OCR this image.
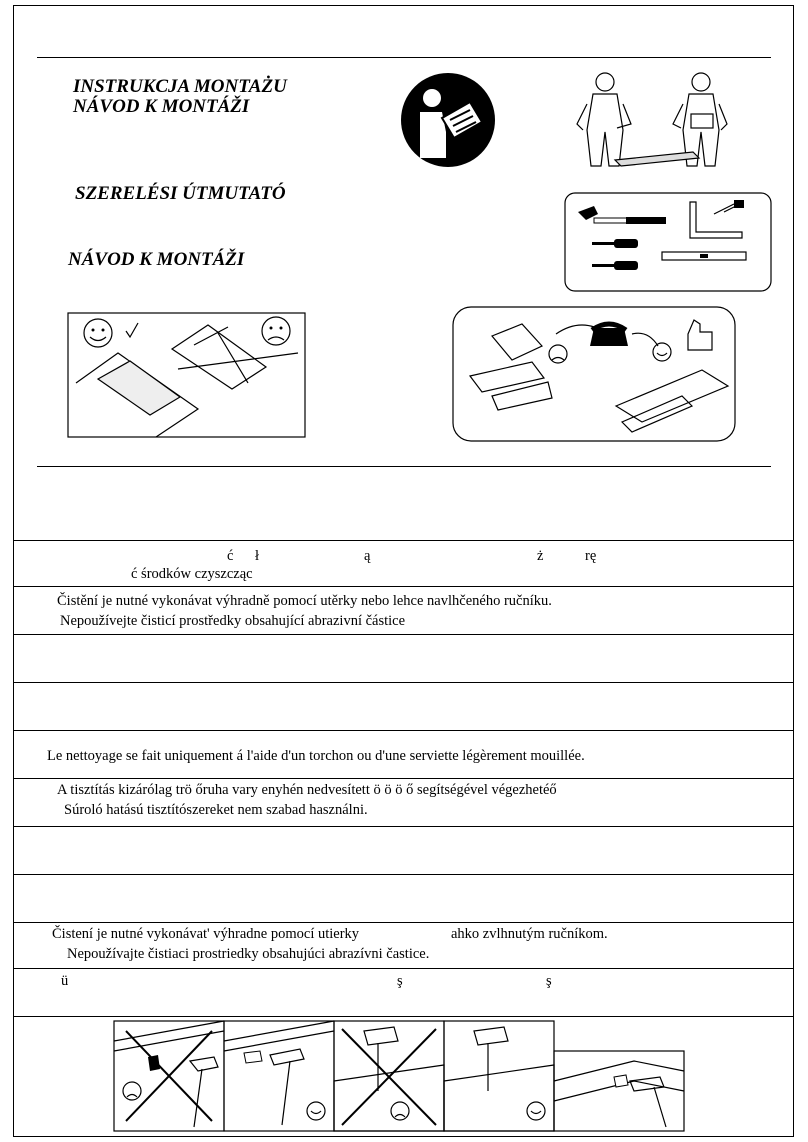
INSTRUKCJA MONTAŻU
NÁVOD K MONTÁŽI
SZERELÉSI ÚTMUTATÓ
NÁVOD K MONTÁŽI
ć ł	ą	ż	rę
ć środków czyszcząc
Čistění je nutné vykonávat výhradně pomocí utěrky nebo lehce navlhčeného ručníku.
Nepoužívejte čisticí prostředky obsahující abrazivní částice
Le nettoyage se fait uniquement á l'aide d'un torchon ou d'une serviette légèrement mouillée.
A tisztítás kizárólag trö őruha vary enyhén nedvesített ö ö ö ő segítségével végezhetéő
Súroló hatású tisztítószereket nem szabad használni.
Čistení je nutné vykonávat' výhradne pomocí utierky	ahko zvlhnutým ručníkom.
Nepoužívajte čistiaci prostriedky obsahujúci abrazívni častice.
ü	ş	ş
